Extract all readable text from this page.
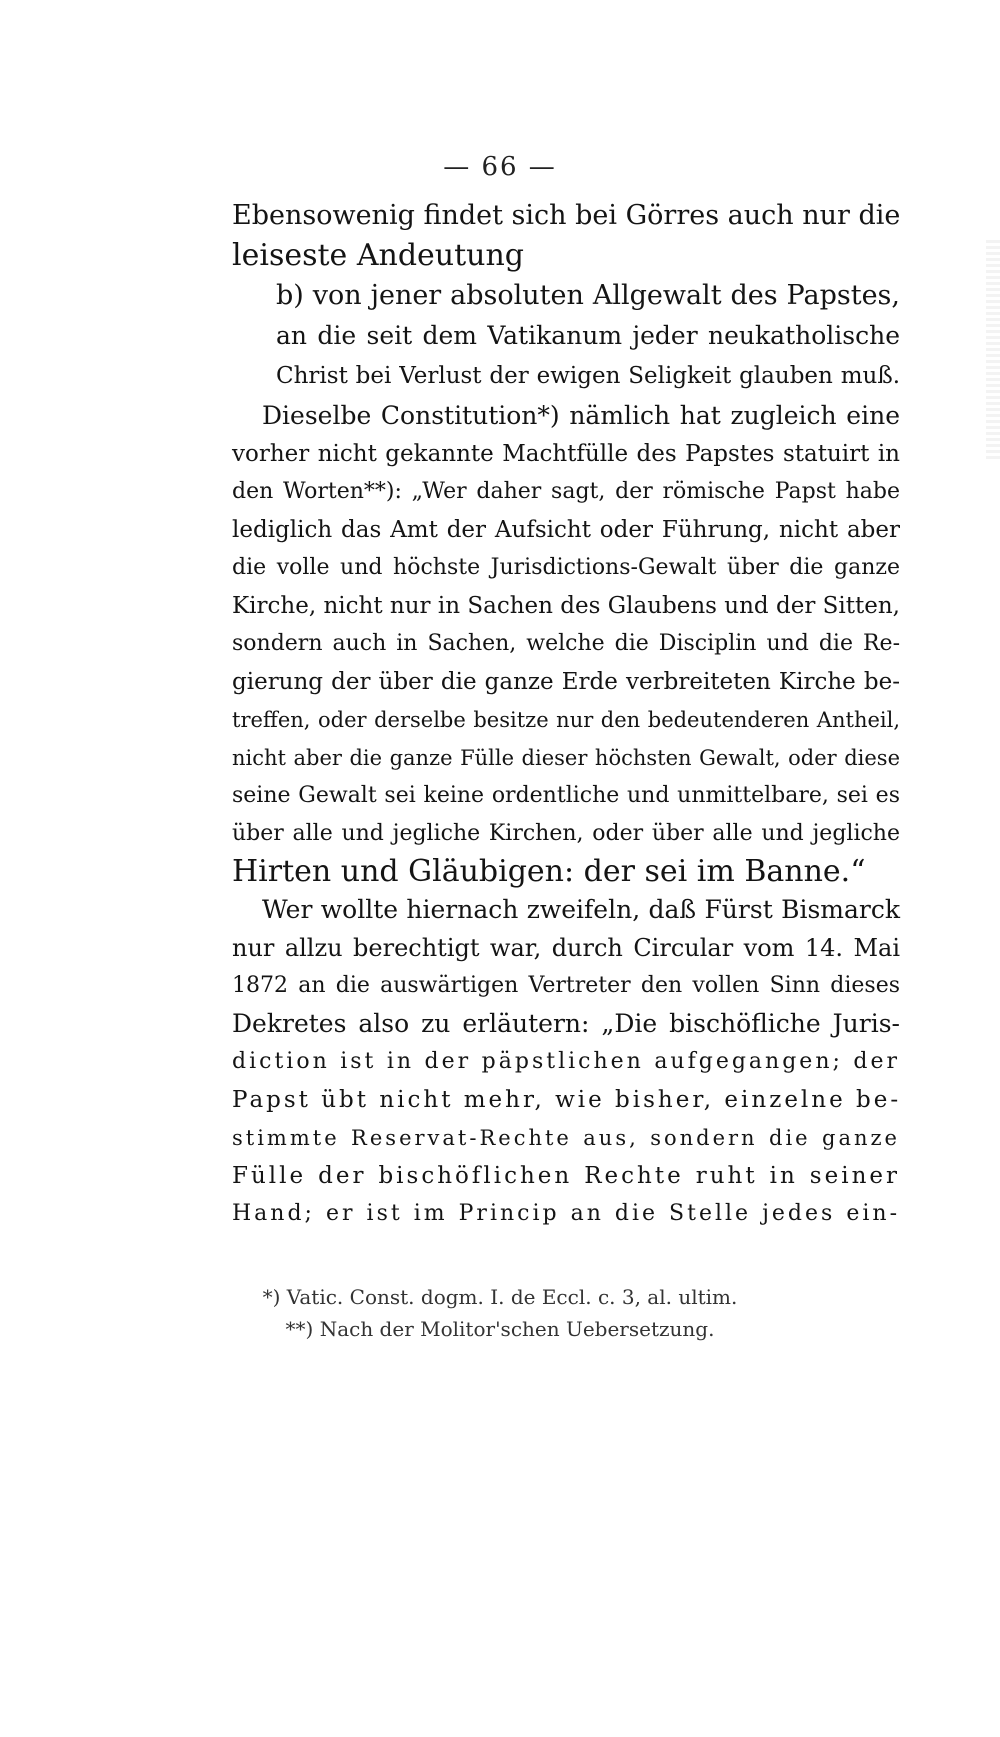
— 66 —
Ebensowenig findet sich bei Görres auch nur die
leiseste Andeutung
b) von jener absoluten Allgewalt des Papstes,
an die seit dem Vatikanum jeder neukatholische
Christ bei Verlust der ewigen Seligkeit glauben muß.
Dieselbe Constitution*) nämlich hat zugleich eine
vorher nicht gekannte Machtfülle des Papstes statuirt in
den Worten**): „Wer daher sagt, der römische Papst habe
lediglich das Amt der Aufsicht oder Führung, nicht aber
die volle und höchste Jurisdictions-Gewalt über die ganze
Kirche, nicht nur in Sachen des Glaubens und der Sitten,
sondern auch in Sachen, welche die Disciplin und die Re-
gierung der über die ganze Erde verbreiteten Kirche be-
treffen, oder derselbe besitze nur den bedeutenderen Antheil,
nicht aber die ganze Fülle dieser höchsten Gewalt, oder diese
seine Gewalt sei keine ordentliche und unmittelbare, sei es
über alle und jegliche Kirchen, oder über alle und jegliche
Hirten und Gläubigen: der sei im Banne.“
Wer wollte hiernach zweifeln, daß Fürst Bismarck
nur allzu berechtigt war, durch Circular vom 14. Mai
1872 an die auswärtigen Vertreter den vollen Sinn dieses
Dekretes also zu erläutern: „Die bischöfliche Juris-
diction ist in der päpstlichen aufgegangen; der
Papst übt nicht mehr, wie bisher, einzelne be-
stimmte Reservat-Rechte aus, sondern die ganze
Fülle der bischöflichen Rechte ruht in seiner
Hand; er ist im Princip an die Stelle jedes ein-
*) Vatic. Const. dogm. I. de Eccl. c. 3, al. ultim.
**) Nach der Molitor'schen Uebersetzung.
